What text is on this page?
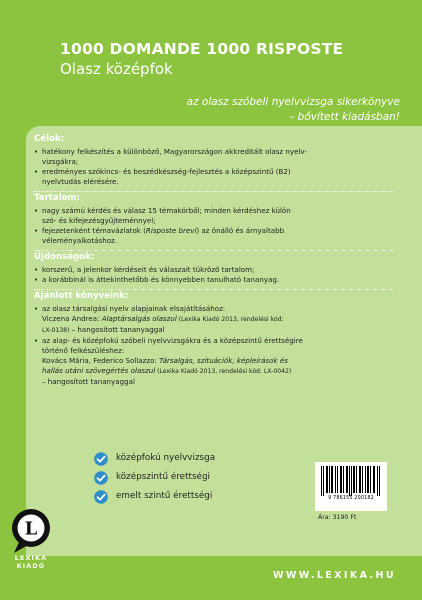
1000 DOMANDE 1000 RISPOSTE
Olasz középfok
az olasz szóbeli nyelvvizsga sikerkönyve
– bővített kiadásban!
Célok:
• hatékony felkészítés a különböző, Magyarországon akkreditált olasz nyelv-
vizsgákra;
• eredményes szókincs- és beszédkészség-fejlesztés a középszintű (B2)
nyelvtudás elérésére.
Tartalom:
• nagy számú kérdés és válasz 15 témakörből; minden kérdéshez külön
szó- és kifejezésgyűjteménnyel;
• fejezetenként témavázlatok (Risposte brevi) az önálló és árnyaltabb
véleményalkotáshoz.
Újdonságok:
• korszerű, a jelenkor kérdéseit és válaszait tükröző tartalom;
• a korábbinál is áttekinthetőbb és könnyebben tanulható tananyag.
Ajánlott könyveink:
• az olasz társalgási nyelv alapjainak elsajátításához:
Viczena Andrea: Alaptársalgás olaszul (Lexika Kiadó 2013, rendelési kód:
LX-0138) – hangosított tananyaggal
• az alap- és középfokú szóbeli nyelvvizsgákra és a középszintű érettségire
történő felkészüléshez:
Kovács Mária, Federico Sollazzo: Társalgás, szituációk, képleírások és
hallás utáni szövegértés olaszul (Lexika Kiadó 2013, rendelési kód: LX-0042)
– hangosított tananyaggal
középfokú nyelvvizsga
középszintű érettségi
emelt szintű érettségi	9 786155 200182
Ára: 3190 Ft
L
LEXIKA
KIADÓ
WWW.LEXIKA.HU
